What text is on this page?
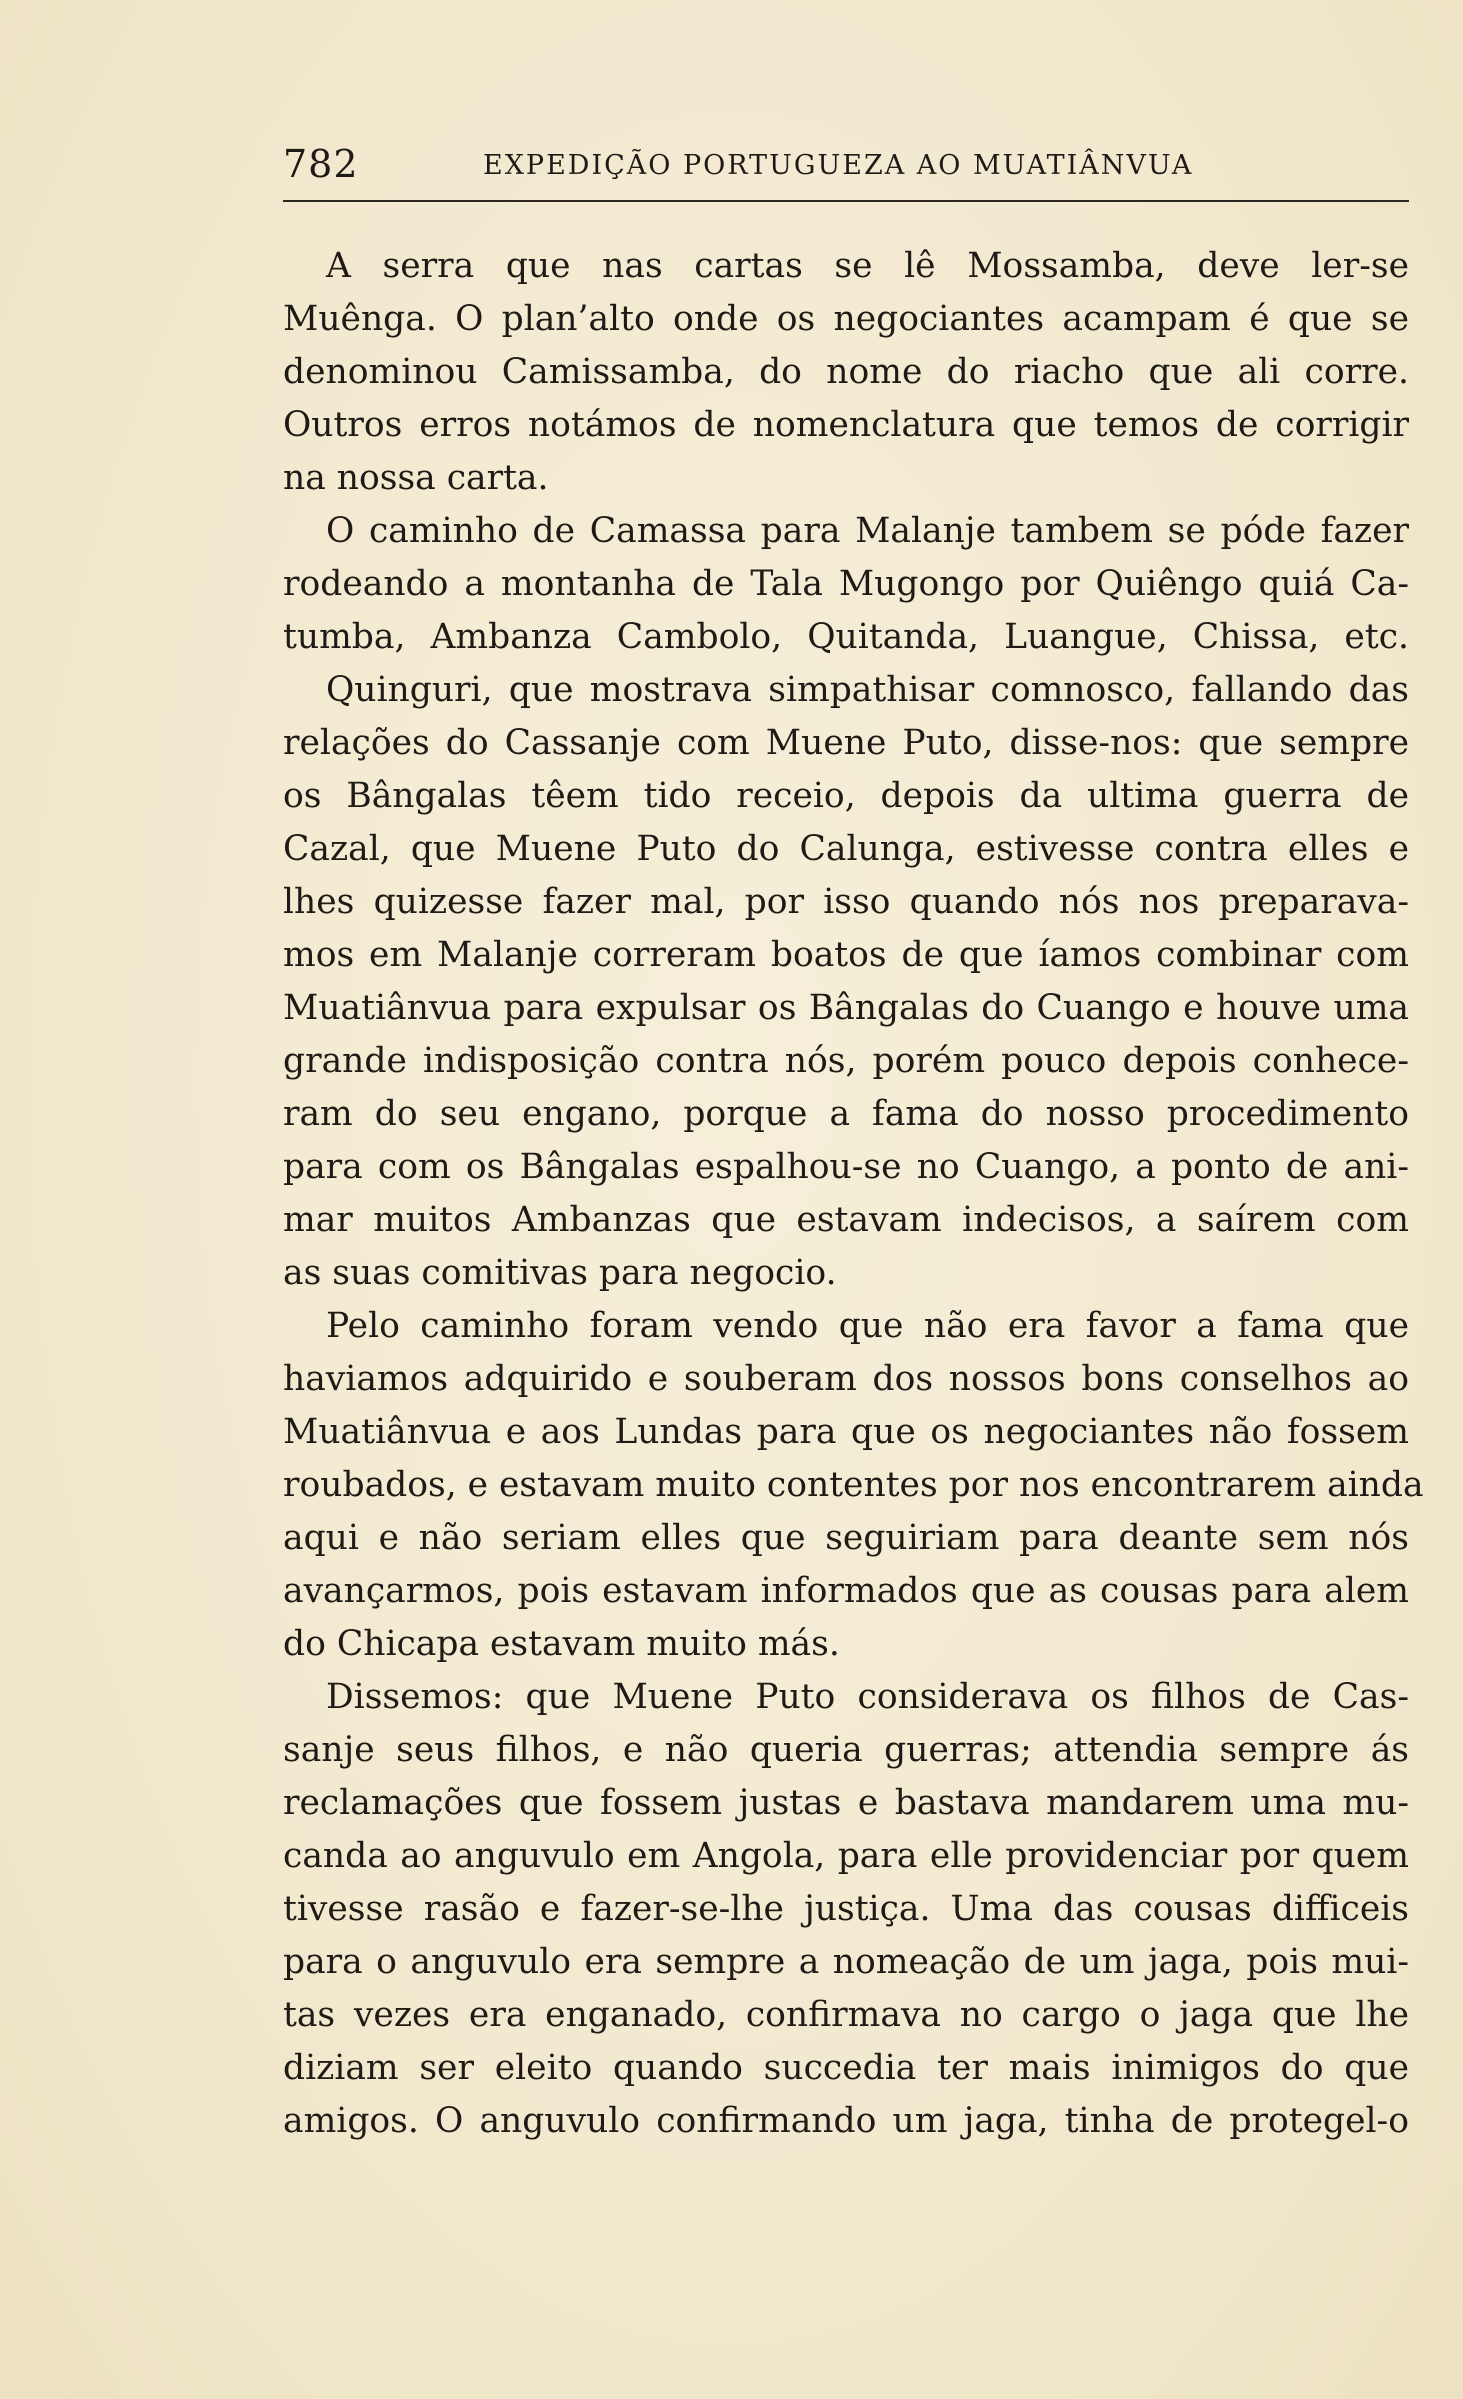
782	EXPEDIÇÃO PORTUGUEZA AO MUATIÂNVUA
A serra que nas cartas se lê Mossamba, deve ler-se
Muênga. O plan’alto onde os negociantes acampam é que se
denominou Camissamba, do nome do riacho que ali corre.
Outros erros notámos de nomenclatura que temos de corrigir
na nossa carta.
O caminho de Camassa para Malanje tambem se póde fazer
rodeando a montanha de Tala Mugongo por Quiêngo quiá Ca-
tumba, Ambanza Cambolo, Quitanda, Luangue, Chissa, etc.
Quinguri, que mostrava simpathisar comnosco, fallando das
relações do Cassanje com Muene Puto, disse-nos: que sempre
os Bângalas têem tido receio, depois da ultima guerra de
Cazal, que Muene Puto do Calunga, estivesse contra elles e
lhes quizesse fazer mal, por isso quando nós nos preparava-
mos em Malanje correram boatos de que íamos combinar com
Muatiânvua para expulsar os Bângalas do Cuango e houve uma
grande indisposição contra nós, porém pouco depois conhece-
ram do seu engano, porque a fama do nosso procedimento
para com os Bângalas espalhou-se no Cuango, a ponto de ani-
mar muitos Ambanzas que estavam indecisos, a saírem com
as suas comitivas para negocio.
Pelo caminho foram vendo que não era favor a fama que
haviamos adquirido e souberam dos nossos bons conselhos ao
Muatiânvua e aos Lundas para que os negociantes não fossem
roubados, e estavam muito contentes por nos encontrarem ainda
aqui e não seriam elles que seguiriam para deante sem nós
avançarmos, pois estavam informados que as cousas para alem
do Chicapa estavam muito más.
Dissemos: que Muene Puto considerava os filhos de Cas-
sanje seus filhos, e não queria guerras; attendia sempre ás
reclamações que fossem justas e bastava mandarem uma mu-
canda ao anguvulo em Angola, para elle providenciar por quem
tivesse rasão e fazer-se-lhe justiça. Uma das cousas difficeis
para o anguvulo era sempre a nomeação de um jaga, pois mui-
tas vezes era enganado, confirmava no cargo o jaga que lhe
diziam ser eleito quando succedia ter mais inimigos do que
amigos. O anguvulo confirmando um jaga, tinha de protegel-o
